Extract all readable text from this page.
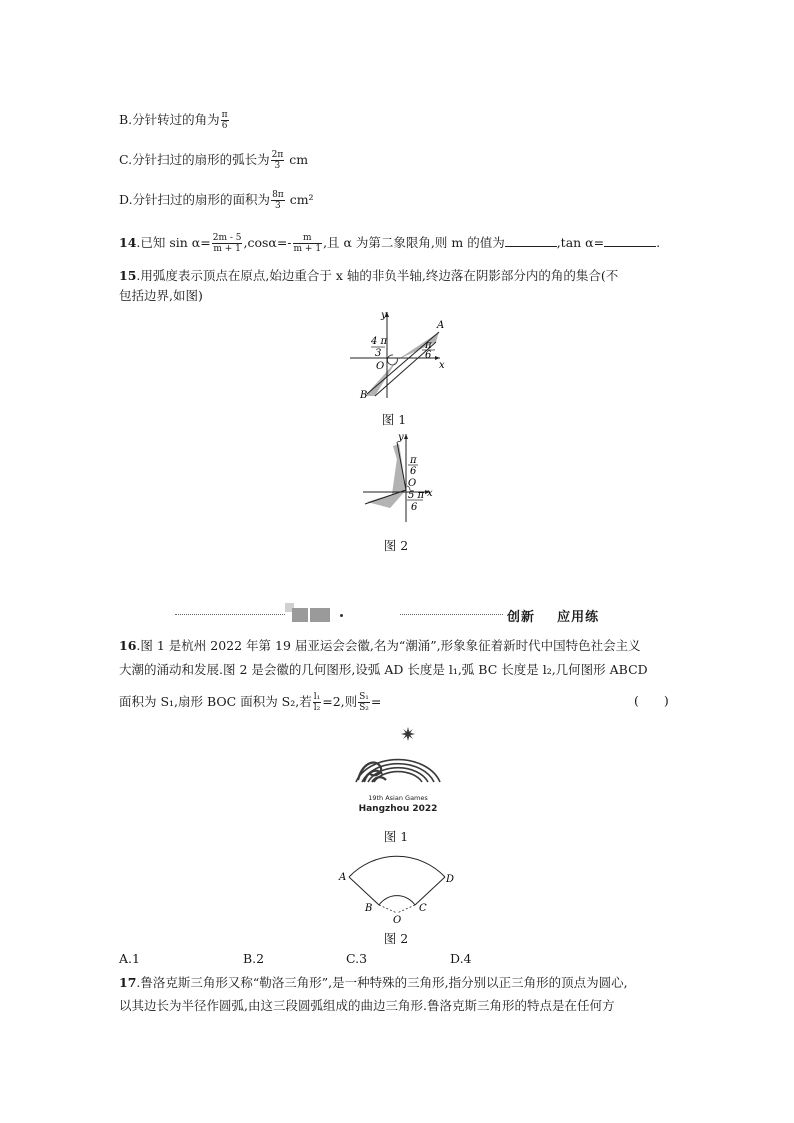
B.分针转过的角为 $\frac{\pi}{6}$
C.分针扫过的扇形的弧长为 $\frac{2\pi}{3}$ cm
D.分针扫过的扇形的面积为 $\frac{8\pi}{3} cm^2$
14.已知 $\sin \alpha= \frac{2m - 5}{m + 1} ,\cos\alpha=- \frac{m}{m + 1}$ ,且 α 为第二象限角,则 m 的值为	,tan α=	.
15.用弧度表示顶点在原点,始边重合于 x 轴的非负半轴,终边落在阴影部分内的角的集合(不
包括边界,如图)
y
x
O
A
B
4 π
3
π
6
图 1
y
x
O
π
6
5 π
6
图 2
创新    应用练
16.图 1 是杭州 2022 年第 19 届亚运会会徽,名为“潮涌”,形象象征着新时代中国特色社会主义
大潮的涌动和发展.图 2 是会徽的几何图形,设弧 AD 长度是 l₁,弧 BC 长度是 l₂,几何图形 ABCD
面积为 S₁,扇形 BOC 面积为 S₂,若 $\frac{\text{l₁}}{\text{l₂}} =2$,则 $\frac{\text{S₁}}{\text{S₂}}$ =	(　　)
19th Asian Games
Hangzhou 2022
图 1
A	D
B	C
O
图 2
A.1	B.2	C.3	D.4
17.鲁洛克斯三角形又称“勒洛三角形”,是一种特殊的三角形,指分别以正三角形的顶点为圆心,
以其边长为半径作圆弧,由这三段圆弧组成的曲边三角形.鲁洛克斯三角形的特点是在任何方
